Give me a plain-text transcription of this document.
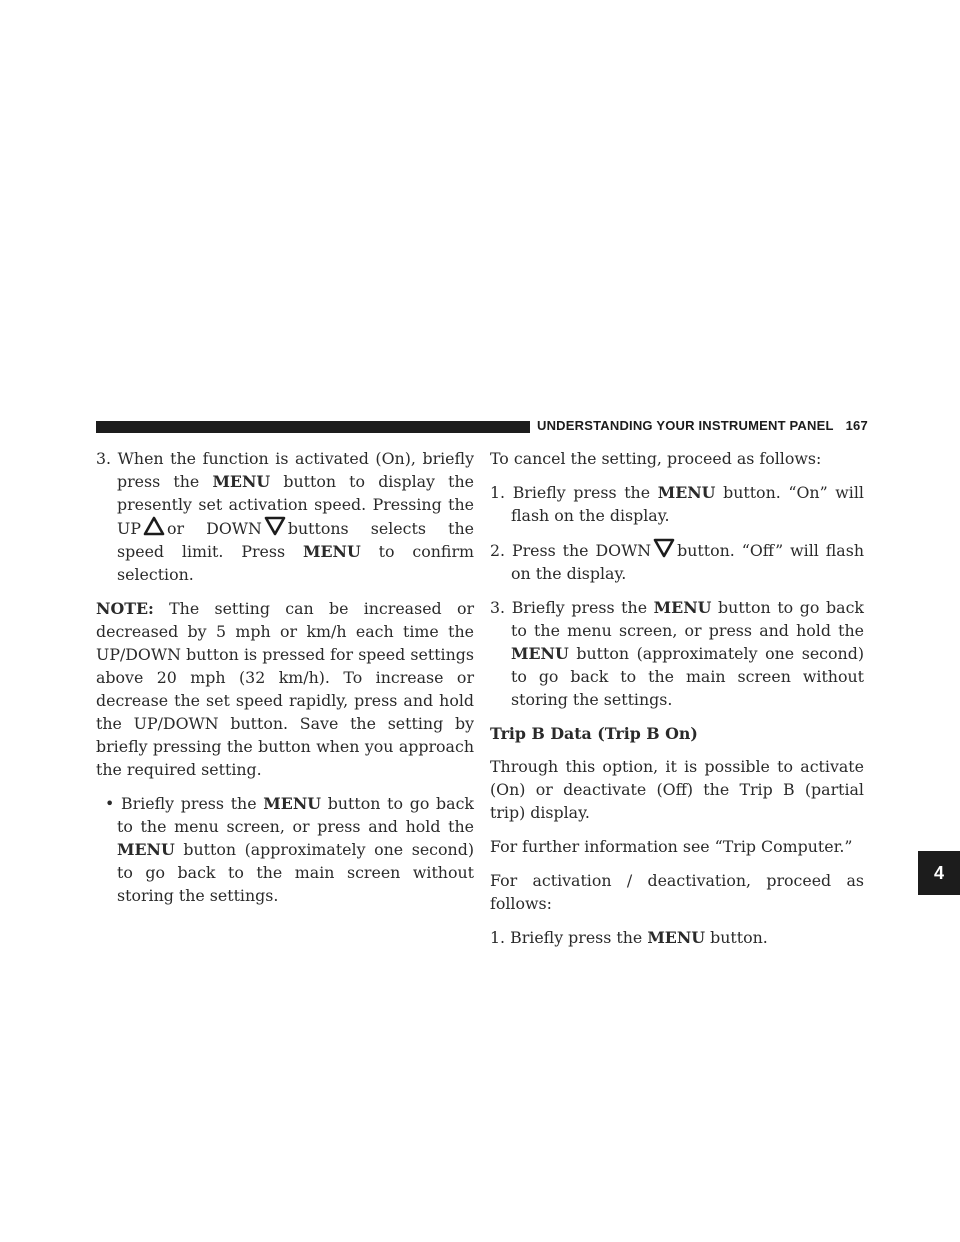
UNDERSTANDING YOUR INSTRUMENT PANEL 167
4

3. When the function is activated (On), briefly press the MENU button to display the presently set activation speed. Pressing the UP or DOWN buttons selects the speed limit. Press MENU to confirm selection.

NOTE: The setting can be increased or decreased by 5 mph or km/h each time the UP/DOWN button is pressed for speed settings above 20 mph (32 km/h). To increase or decrease the set speed rapidly, press and hold the UP/DOWN button. Save the setting by briefly pressing the button when you approach the required setting.

• Briefly press the MENU button to go back to the menu screen, or press and hold the MENU button (approximately one second) to go back to the main screen without storing the settings.

To cancel the setting, proceed as follows:

1. Briefly press the MENU button. “On” will flash on the display.

2. Press the DOWN button. “Off” will flash on the display.

3. Briefly press the MENU button to go back to the menu screen, or press and hold the MENU button (approximately one second) to go back to the main screen without storing the settings.

Trip B Data (Trip B On)

Through this option, it is possible to activate (On) or deactivate (Off) the Trip B (partial trip) display.

For further information see “Trip Computer.”

For activation / deactivation, proceed as follows:

1. Briefly press the MENU button.
